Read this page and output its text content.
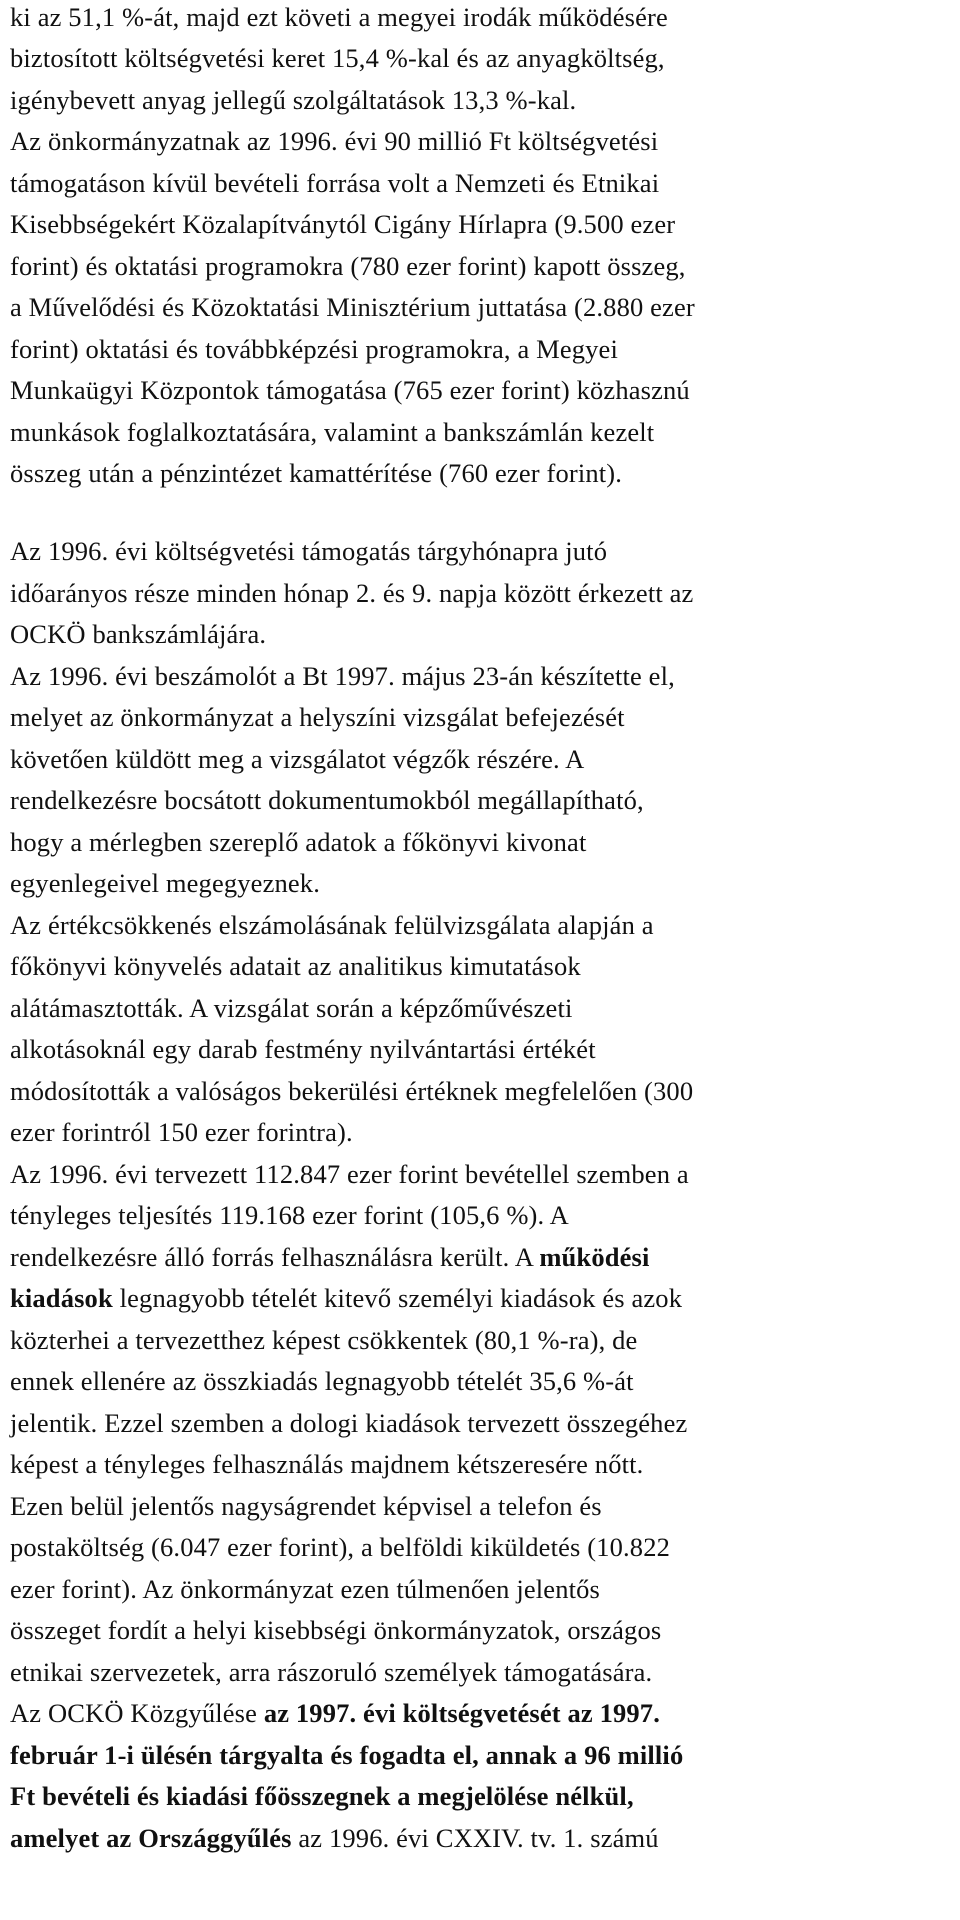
ki az 51,1 %-át, majd ezt követi a megyei irodák működésére
biztosított költségvetési keret 15,4 %-kal és az anyagköltség,
igénybevett anyag jellegű szolgáltatások 13,3 %-kal.
Az önkormányzatnak az 1996. évi 90 millió Ft költségvetési
támogatáson kívül bevételi forrása volt a Nemzeti és Etnikai
Kisebbségekért Közalapítványtól Cigány Hírlapra (9.500 ezer
forint) és oktatási programokra (780 ezer forint) kapott összeg,
a Művelődési és Közoktatási Minisztérium juttatása (2.880 ezer
forint) oktatási és továbbképzési programokra, a Megyei
Munkaügyi Központok támogatása (765 ezer forint) közhasznú
munkások foglalkoztatására, valamint a bankszámlán kezelt
összeg után a pénzintézet kamattérítése (760 ezer forint).
Az 1996. évi költségvetési támogatás tárgyhónapra jutó
időarányos része minden hónap 2. és 9. napja között érkezett az
OCKÖ bankszámlájára.
Az 1996. évi beszámolót a Bt 1997. május 23-án készítette el,
melyet az önkormányzat a helyszíni vizsgálat befejezését
követően küldött meg a vizsgálatot végzők részére. A
rendelkezésre bocsátott dokumentumokból megállapítható,
hogy a mérlegben szereplő adatok a főkönyvi kivonat
egyenlegeivel megegyeznek.
Az értékcsökkenés elszámolásának felülvizsgálata alapján a
főkönyvi könyvelés adatait az analitikus kimutatások
alátámasztották. A vizsgálat során a képzőművészeti
alkotásoknál egy darab festmény nyilvántartási értékét
módosították a valóságos bekerülési értéknek megfelelően (300
ezer forintról 150 ezer forintra).
Az 1996. évi tervezett 112.847 ezer forint bevétellel szemben a
tényleges teljesítés 119.168 ezer forint (105,6 %). A
rendelkezésre álló forrás felhasználásra került. A működési
kiadások legnagyobb tételét kitevő személyi kiadások és azok
közterhei a tervezetthez képest csökkentek (80,1 %-ra), de
ennek ellenére az összkiadás legnagyobb tételét 35,6 %-át
jelentik. Ezzel szemben a dologi kiadások tervezett összegéhez
képest a tényleges felhasználás majdnem kétszeresére nőtt.
Ezen belül jelentős nagyságrendet képvisel a telefon és
postaköltség (6.047 ezer forint), a belföldi kiküldetés (10.822
ezer forint). Az önkormányzat ezen túlmenően jelentős
összeget fordít a helyi kisebbségi önkormányzatok, országos
etnikai szervezetek, arra rászoruló személyek támogatására.
Az OCKÖ Közgyűlése az 1997. évi költségvetését az 1997.
február 1-i ülésén tárgyalta és fogadta el, annak a 96 millió
Ft bevételi és kiadási főösszegnek a megjelölése nélkül,
amelyet az Országgyűlés az 1996. évi CXXIV. tv. 1. számú
